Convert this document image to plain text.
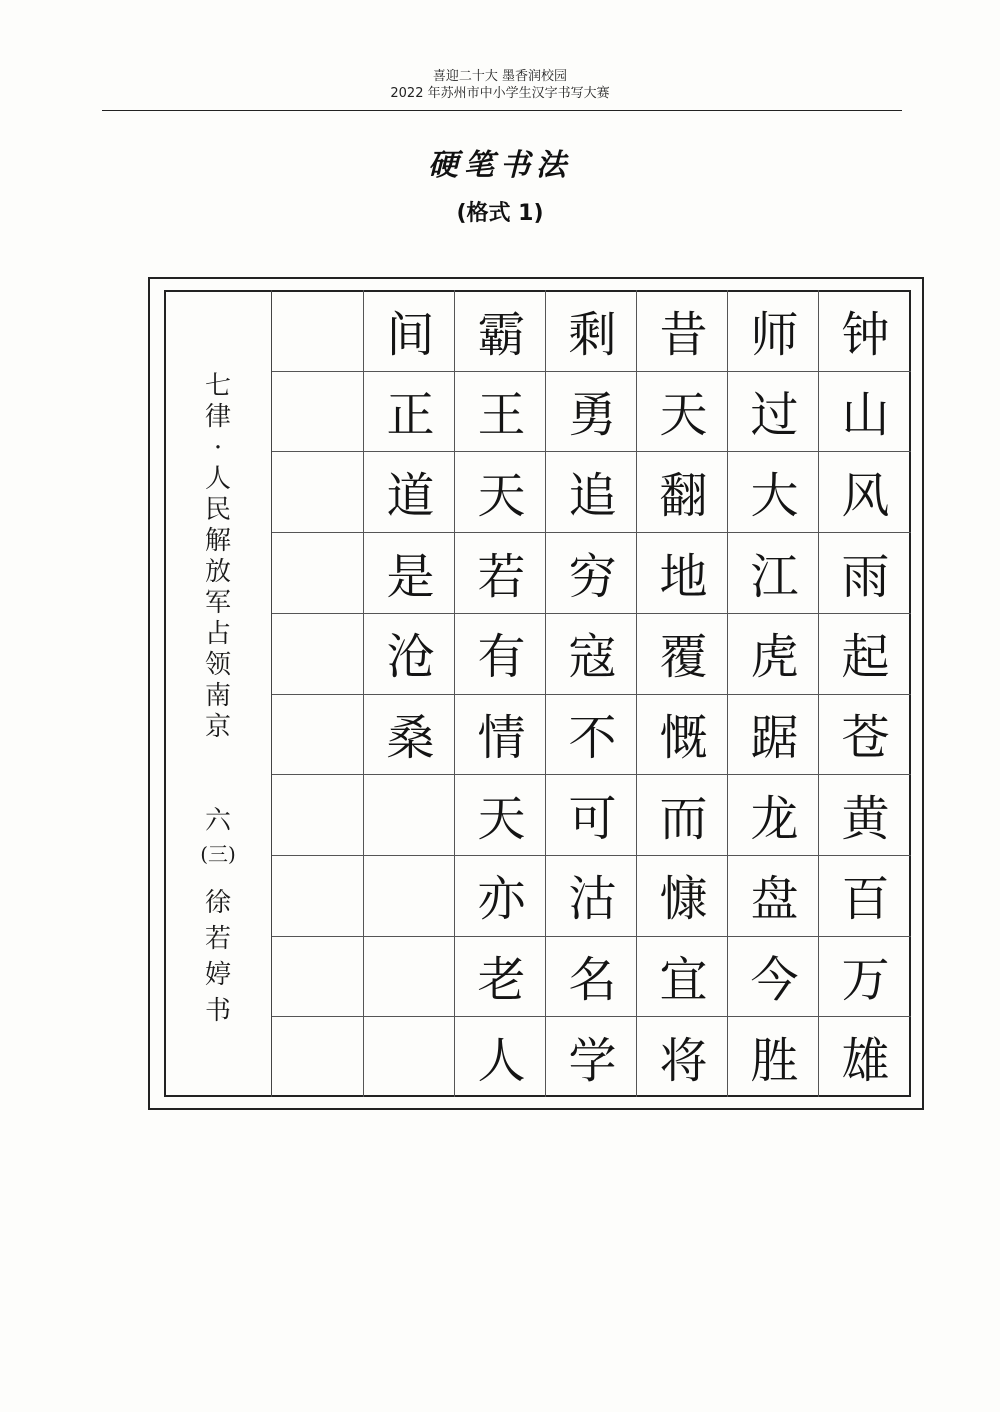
喜迎二十大 墨香润校园
2022 年苏州市中小学生汉字书写大赛
硬笔书法
(格式 1)
七
律
·
人
民
解
放
军
占
领
南
京
六
(三)
徐
若
婷
书
钟
山
风
雨
起
苍
黄
百
万
雄
师
过
大
江
虎
踞
龙
盘
今
胜
昔
天
翻
地
覆
慨
而
慷
宜
将
剩
勇
追
穷
寇
不
可
沽
名
学
霸
王
天
若
有
情
天
亦
老
人
间
正
道
是
沧
桑
